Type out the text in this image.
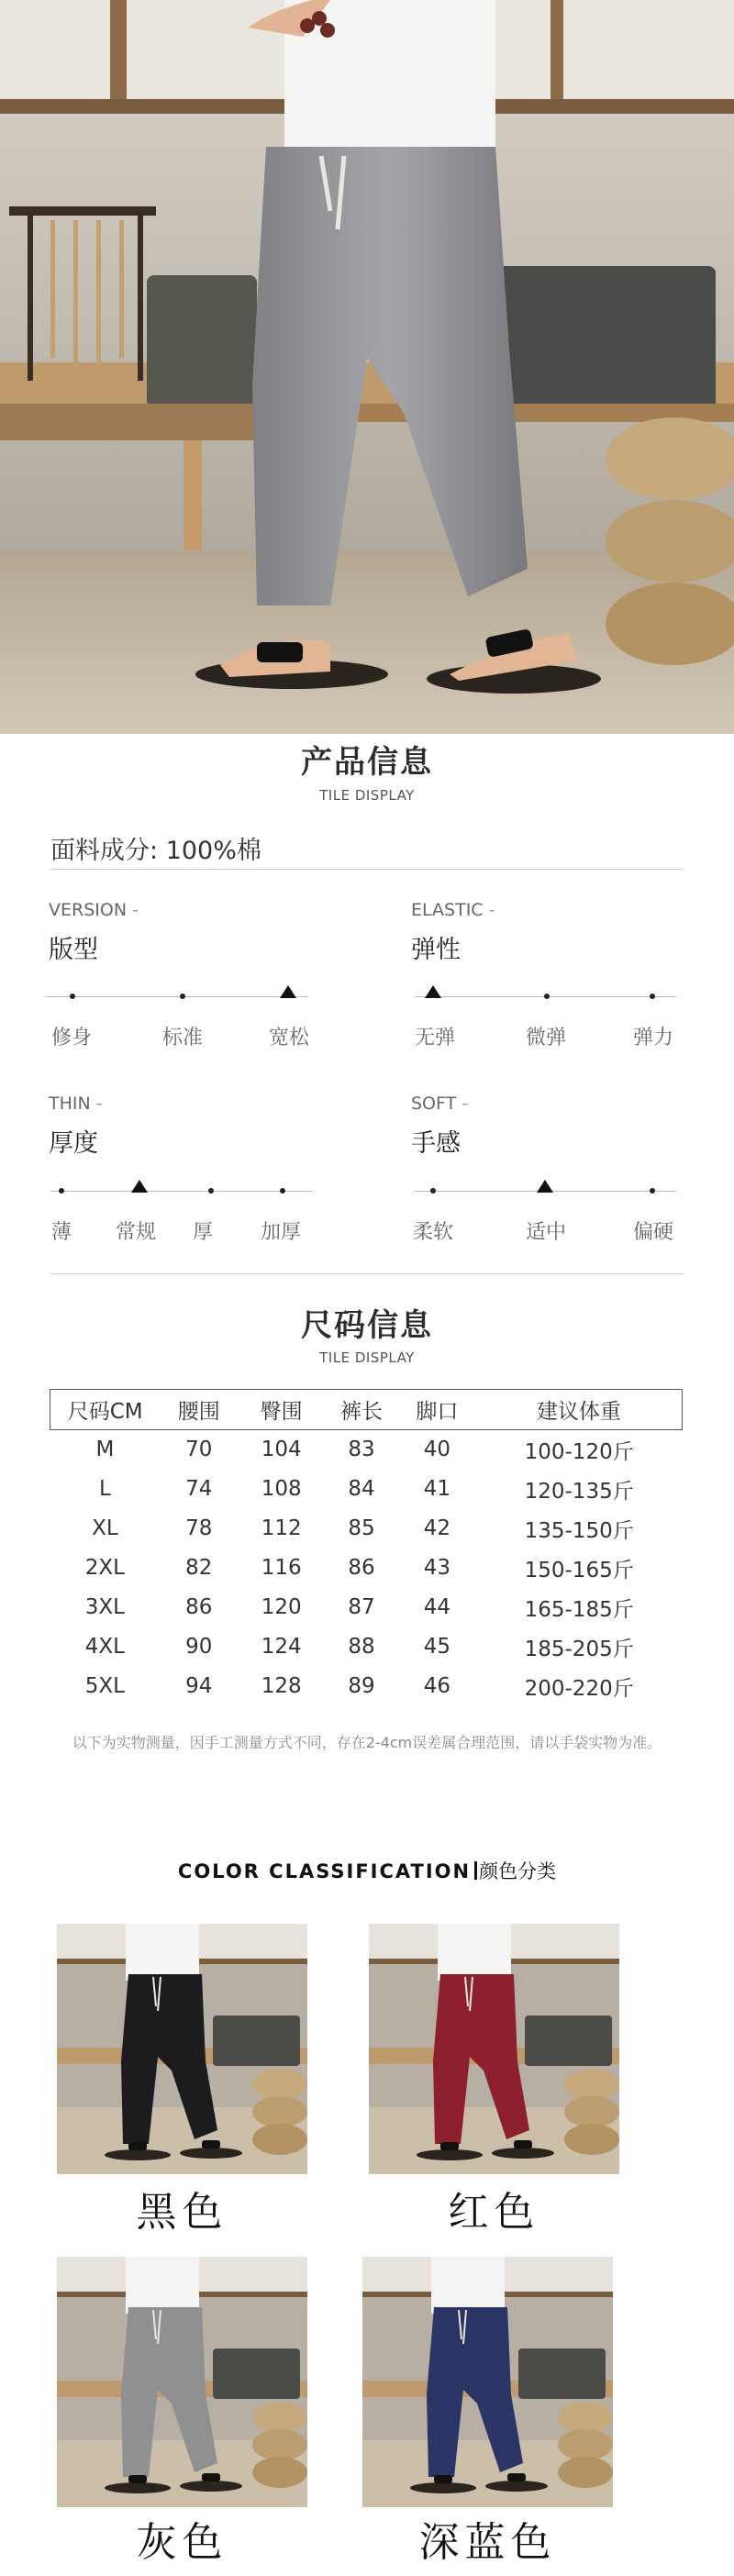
产品信息
TILE DISPLAY
面料成分: 100%棉
VERSION -
版型
修身	标准	宽松
ELASTIC -
弹性
无弹	微弹	弹力
THIN -
厚度
薄 常规 厚 加厚
SOFT -
手感
柔软	适中	偏硬
尺码信息
TILE DISPLAY
尺码CM	腰围	臀围	裤长	脚口	建议体重
M	70	104	83	40	100-120斤
L	74	108	84	41	120-135斤
XL	78	112	85	42	135-150斤
2XL	82	116	86	43	150-165斤
3XL	86	120	87	44	165-185斤
4XL	90	124	88	45	185-205斤
5XL	94	128	89	46	200-220斤
以下为实物测量，因手工测量方式不同，存在2-4cm误差属合理范围，请以手袋实物为准。
COLOR CLASSIFICATION 颜色分类
黑色	红色
灰色	深蓝色
